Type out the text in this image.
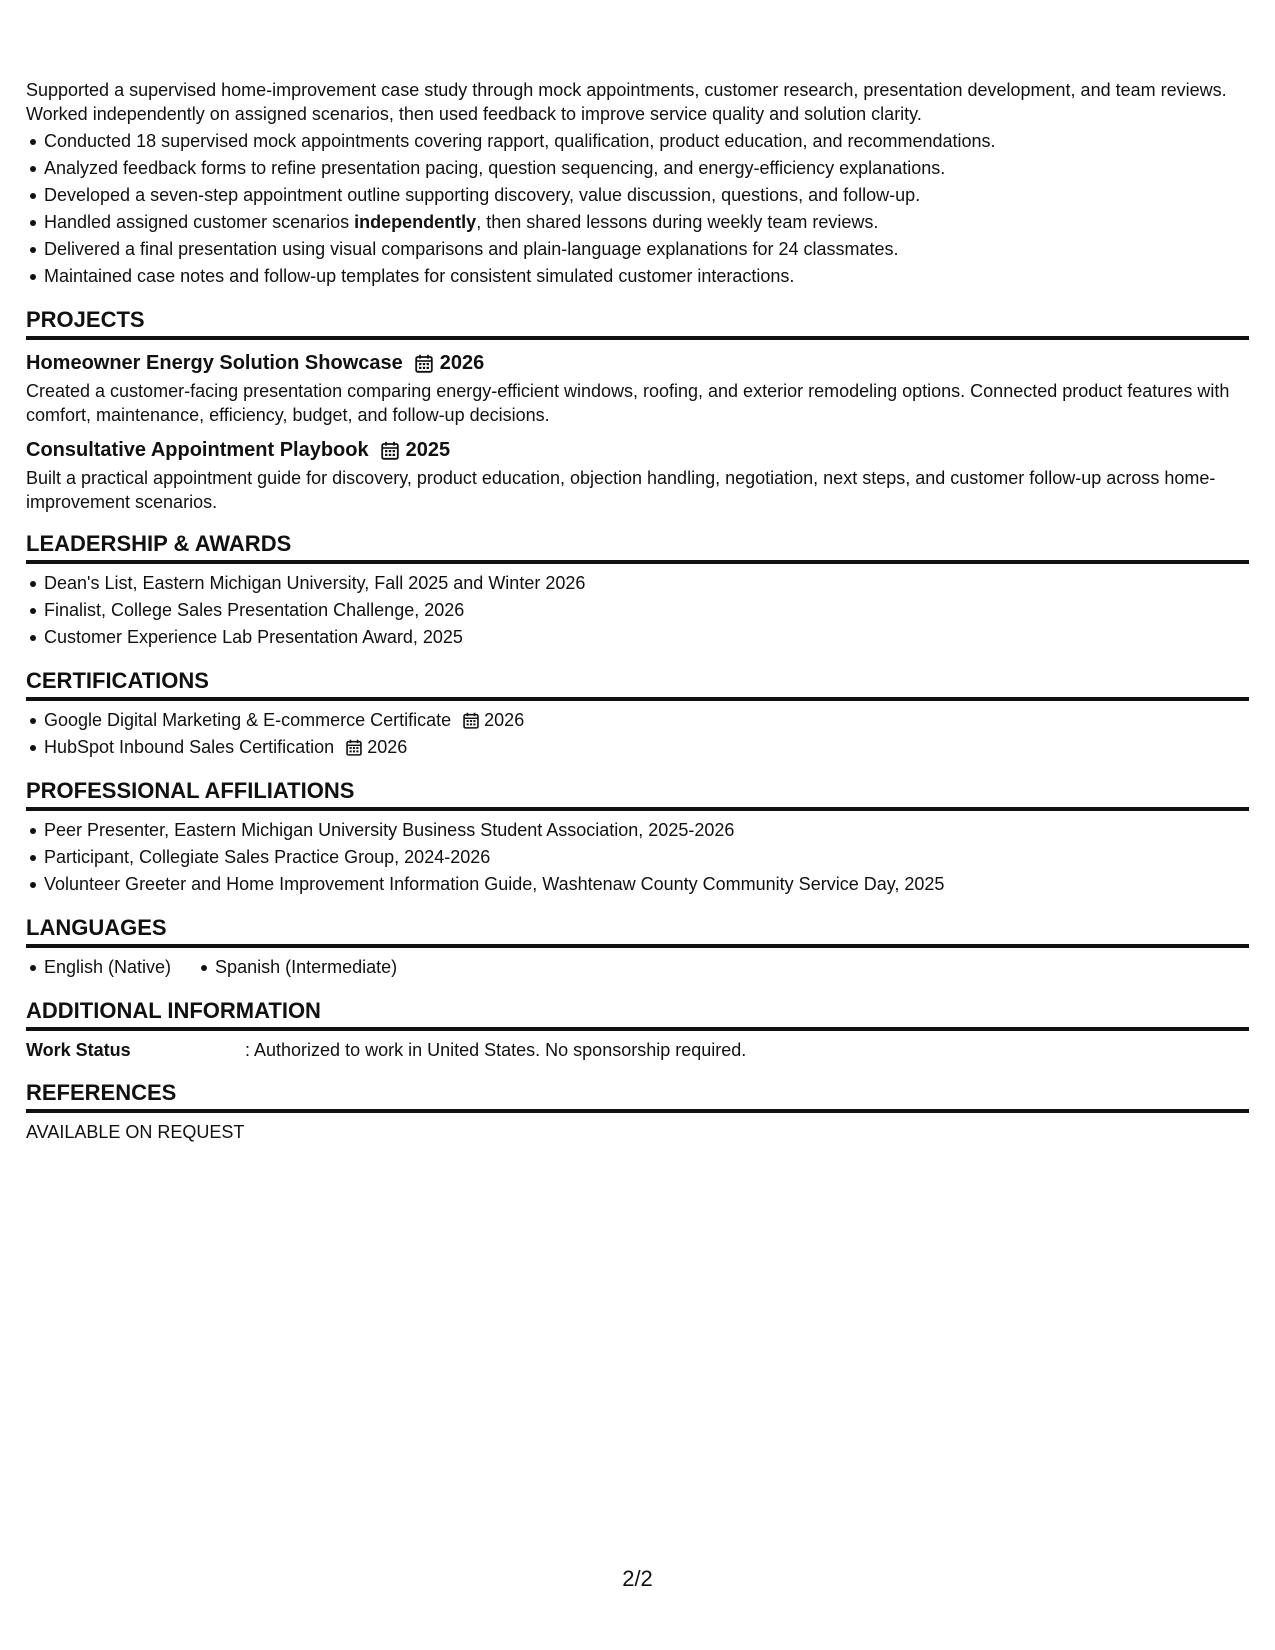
Supported a supervised home-improvement case study through mock appointments, customer research, presentation development, and team reviews. Worked independently on assigned scenarios, then used feedback to improve service quality and solution clarity.

Conducted 18 supervised mock appointments covering rapport, qualification, product education, and recommendations.
Analyzed feedback forms to refine presentation pacing, question sequencing, and energy-efficiency explanations.
Developed a seven-step appointment outline supporting discovery, value discussion, questions, and follow-up.
Handled assigned customer scenarios independently, then shared lessons during weekly team reviews.
Delivered a final presentation using visual comparisons and plain-language explanations for 24 classmates.
Maintained case notes and follow-up templates for consistent simulated customer interactions.
PROJECTS
Homeowner Energy Solution Showcase 2026
Created a customer-facing presentation comparing energy-efficient windows, roofing, and exterior remodeling options. Connected product features with comfort, maintenance, efficiency, budget, and follow-up decisions.
Consultative Appointment Playbook 2025
Built a practical appointment guide for discovery, product education, objection handling, negotiation, next steps, and customer follow-up across home-improvement scenarios.
LEADERSHIP & AWARDS
Dean's List, Eastern Michigan University, Fall 2025 and Winter 2026
Finalist, College Sales Presentation Challenge, 2026
Customer Experience Lab Presentation Award, 2025
CERTIFICATIONS
Google Digital Marketing & E-commerce Certificate 2026
HubSpot Inbound Sales Certification 2026
PROFESSIONAL AFFILIATIONS
Peer Presenter, Eastern Michigan University Business Student Association, 2025-2026
Participant, Collegiate Sales Practice Group, 2024-2026
Volunteer Greeter and Home Improvement Information Guide, Washtenaw County Community Service Day, 2025
LANGUAGES
English (Native) Spanish (Intermediate)
ADDITIONAL INFORMATION
Work Status	: Authorized to work in United States. No sponsorship required.
REFERENCES
AVAILABLE ON REQUEST
2/2
